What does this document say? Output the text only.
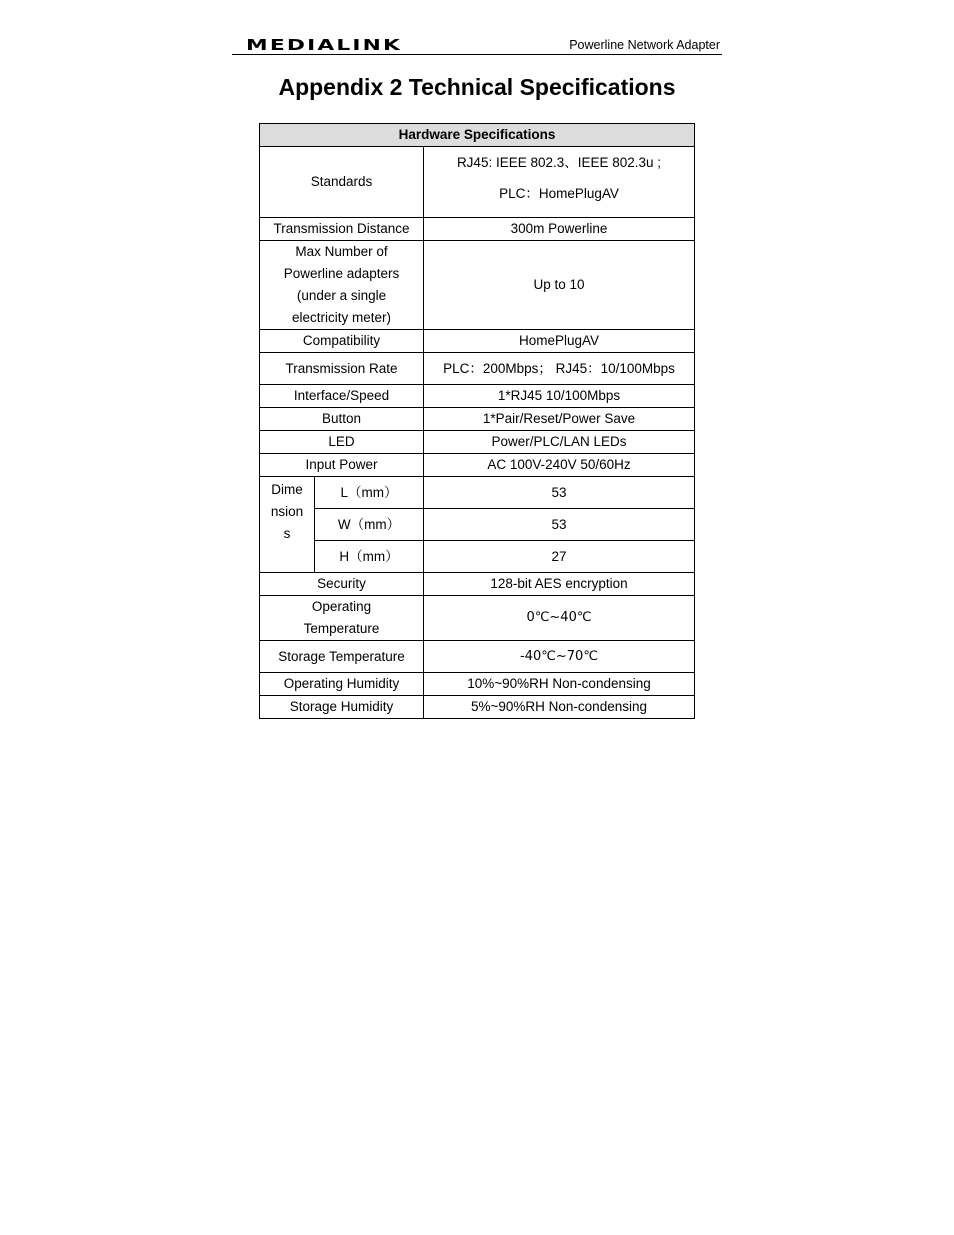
MEDIALINK	Powerline Network Adapter
Appendix 2 Technical Specifications
Hardware Specifications		
Standards		RJ45: IEEE 802.3、IEEE 802.3u ;
PLC：HomePlugAV

Transmission Distance		300m Powerline

Max Number of
Powerline adapters
(under a single
electricity meter)		Up to 10
Compatibility		HomePlugAV
Transmission Rate		PLC：200Mbps； RJ45：10/100Mbps
Interface/Speed		1*RJ45 10/100Mbps
Button		1*Pair/Reset/Power Save
LED		Power/PLC/LAN LEDs
Input Power		AC 100V-240V 50/60Hz

Dime
nsion
s	L（mm）	53
	W（mm）	53
	H（mm）	27
Security		128-bit AES encryption

Operating
Temperature		0℃~40℃
Storage Temperature		-40℃~70℃
Operating Humidity		10%~90%RH Non-condensing
Storage Humidity		5%~90%RH Non-condensing
